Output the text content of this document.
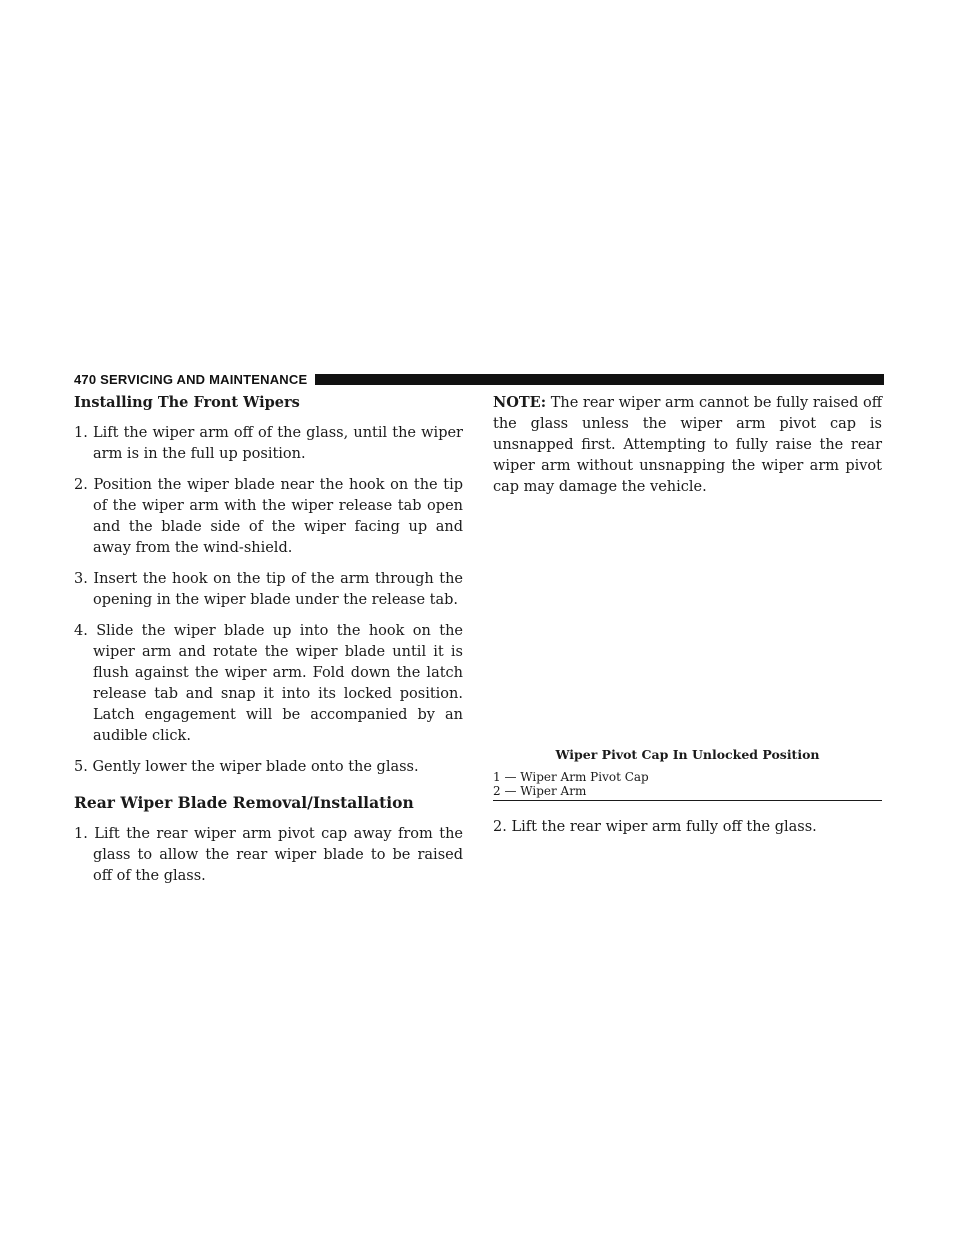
470 SERVICING AND MAINTENANCE
Installing The Front Wipers

1. Lift the wiper arm off of the glass, until the wiper arm is in the full up position.

2. Position the wiper blade near the hook on the tip of the wiper arm with the wiper release tab open and the blade side of the wiper facing up and away from the wind-shield.

3. Insert the hook on the tip of the arm through the opening in the wiper blade under the release tab.

4. Slide the wiper blade up into the hook on the wiper arm and rotate the wiper blade until it is flush against the wiper arm. Fold down the latch release tab and snap it into its locked position. Latch engagement will be accompanied by an audible click.

5. Gently lower the wiper blade onto the glass.

Rear Wiper Blade Removal/Installation

1. Lift the rear wiper arm pivot cap away from the glass to allow the rear wiper blade to be raised off of the glass.

NOTE: The rear wiper arm cannot be fully raised off the glass unless the wiper arm pivot cap is unsnapped first. Attempting to fully raise the rear wiper arm without unsnapping the wiper arm pivot cap may damage the vehicle.

Wiper Pivot Cap In Unlocked Position
1 — Wiper Arm Pivot Cap
2 — Wiper Arm

2. Lift the rear wiper arm fully off the glass.
